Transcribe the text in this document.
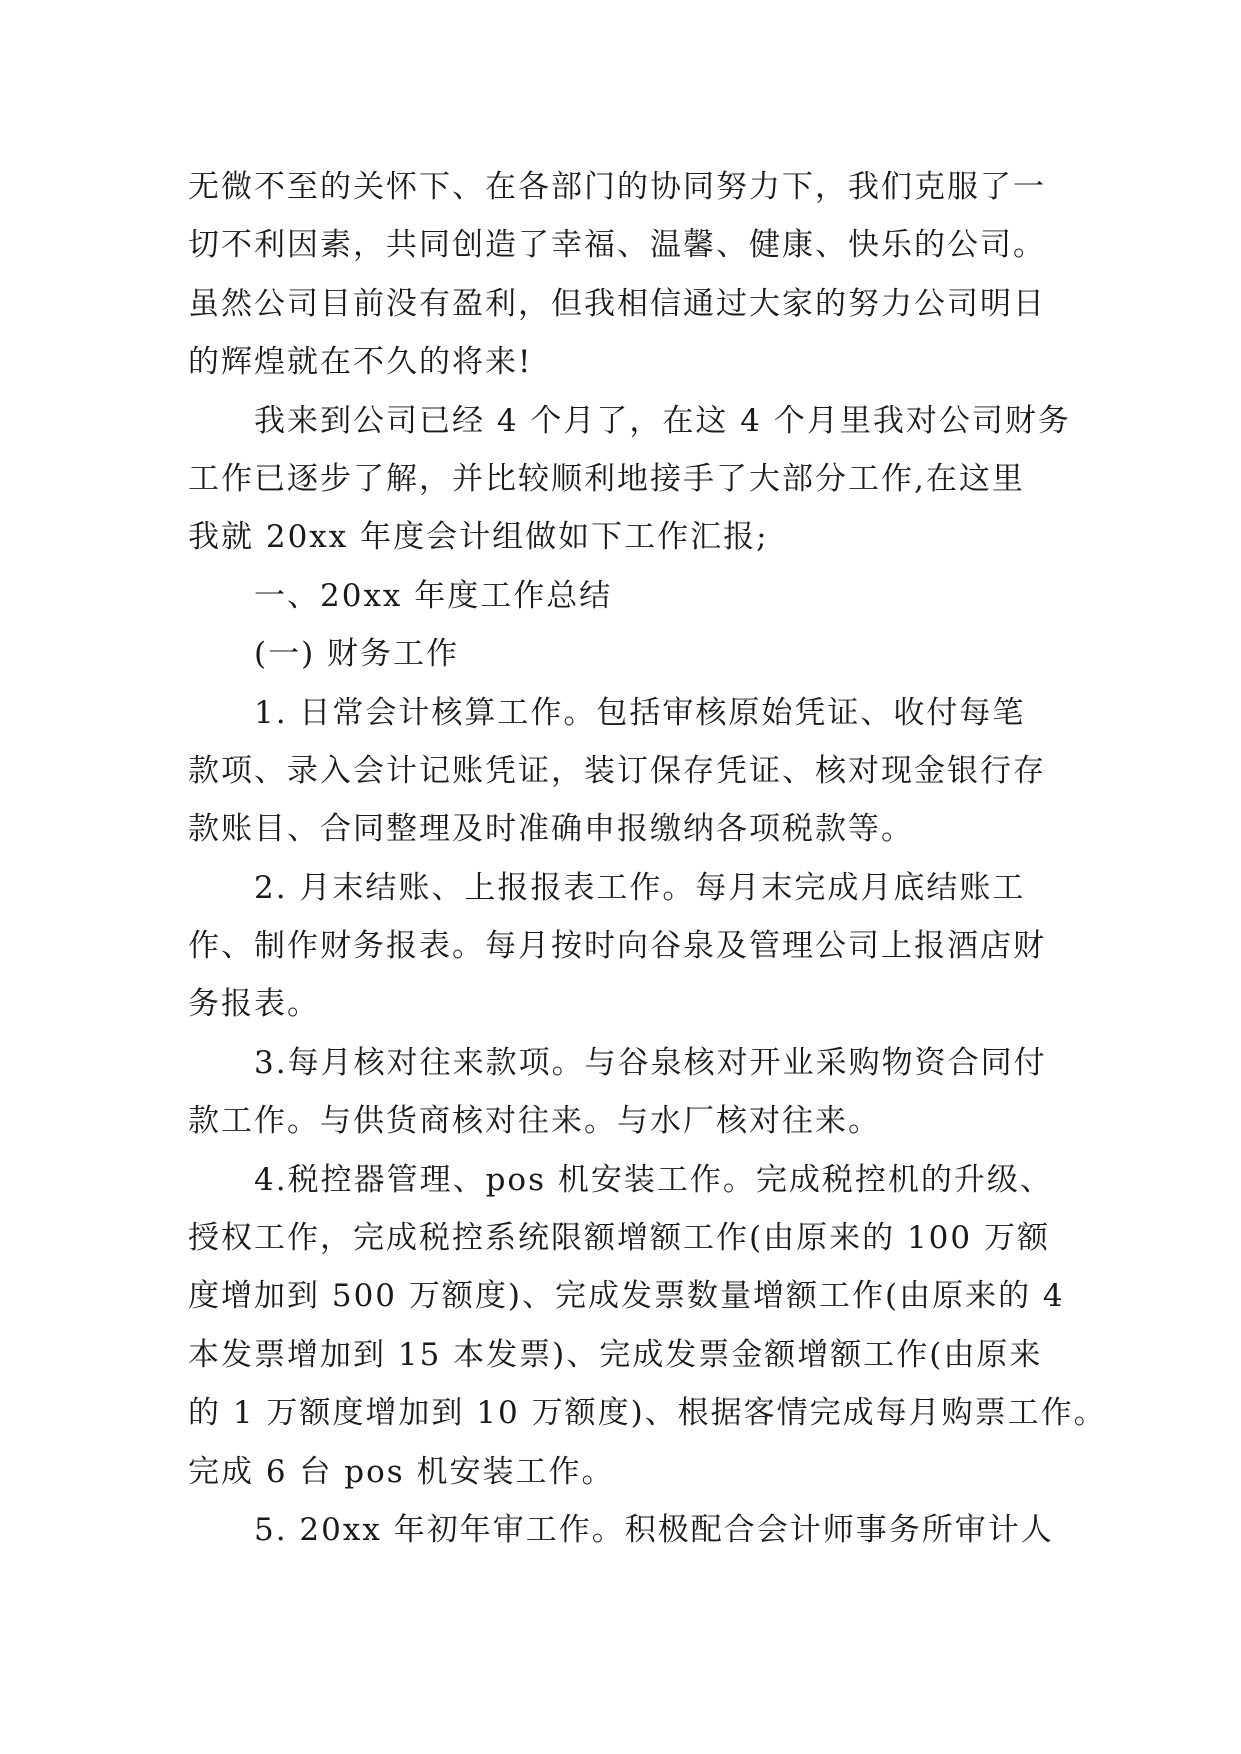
无微不至的关怀下、在各部门的协同努力下，我们克服了一
切不利因素，共同创造了幸福、温馨、健康、快乐的公司。
虽然公司目前没有盈利，但我相信通过大家的努力公司明日
的辉煌就在不久的将来!
我来到公司已经 4 个月了，在这 4 个月里我对公司财务
工作已逐步了解，并比较顺利地接手了大部分工作,在这里
我就 20xx 年度会计组做如下工作汇报;
一、20xx 年度工作总结
(一) 财务工作
1. 日常会计核算工作。包括审核原始凭证、收付每笔
款项、录入会计记账凭证，装订保存凭证、核对现金银行存
款账目、合同整理及时准确申报缴纳各项税款等。
2. 月末结账、上报报表工作。每月末完成月底结账工
作、制作财务报表。每月按时向谷泉及管理公司上报酒店财
务报表。
3.每月核对往来款项。与谷泉核对开业采购物资合同付
款工作。与供货商核对往来。与水厂核对往来。
4.税控器管理、pos 机安装工作。完成税控机的升级、
授权工作，完成税控系统限额增额工作(由原来的 100 万额
度增加到 500 万额度)、完成发票数量增额工作(由原来的 4
本发票增加到 15 本发票)、完成发票金额增额工作(由原来
的 1 万额度增加到 10 万额度)、根据客情完成每月购票工作。
完成 6 台 pos 机安装工作。
5. 20xx 年初年审工作。积极配合会计师事务所审计人
